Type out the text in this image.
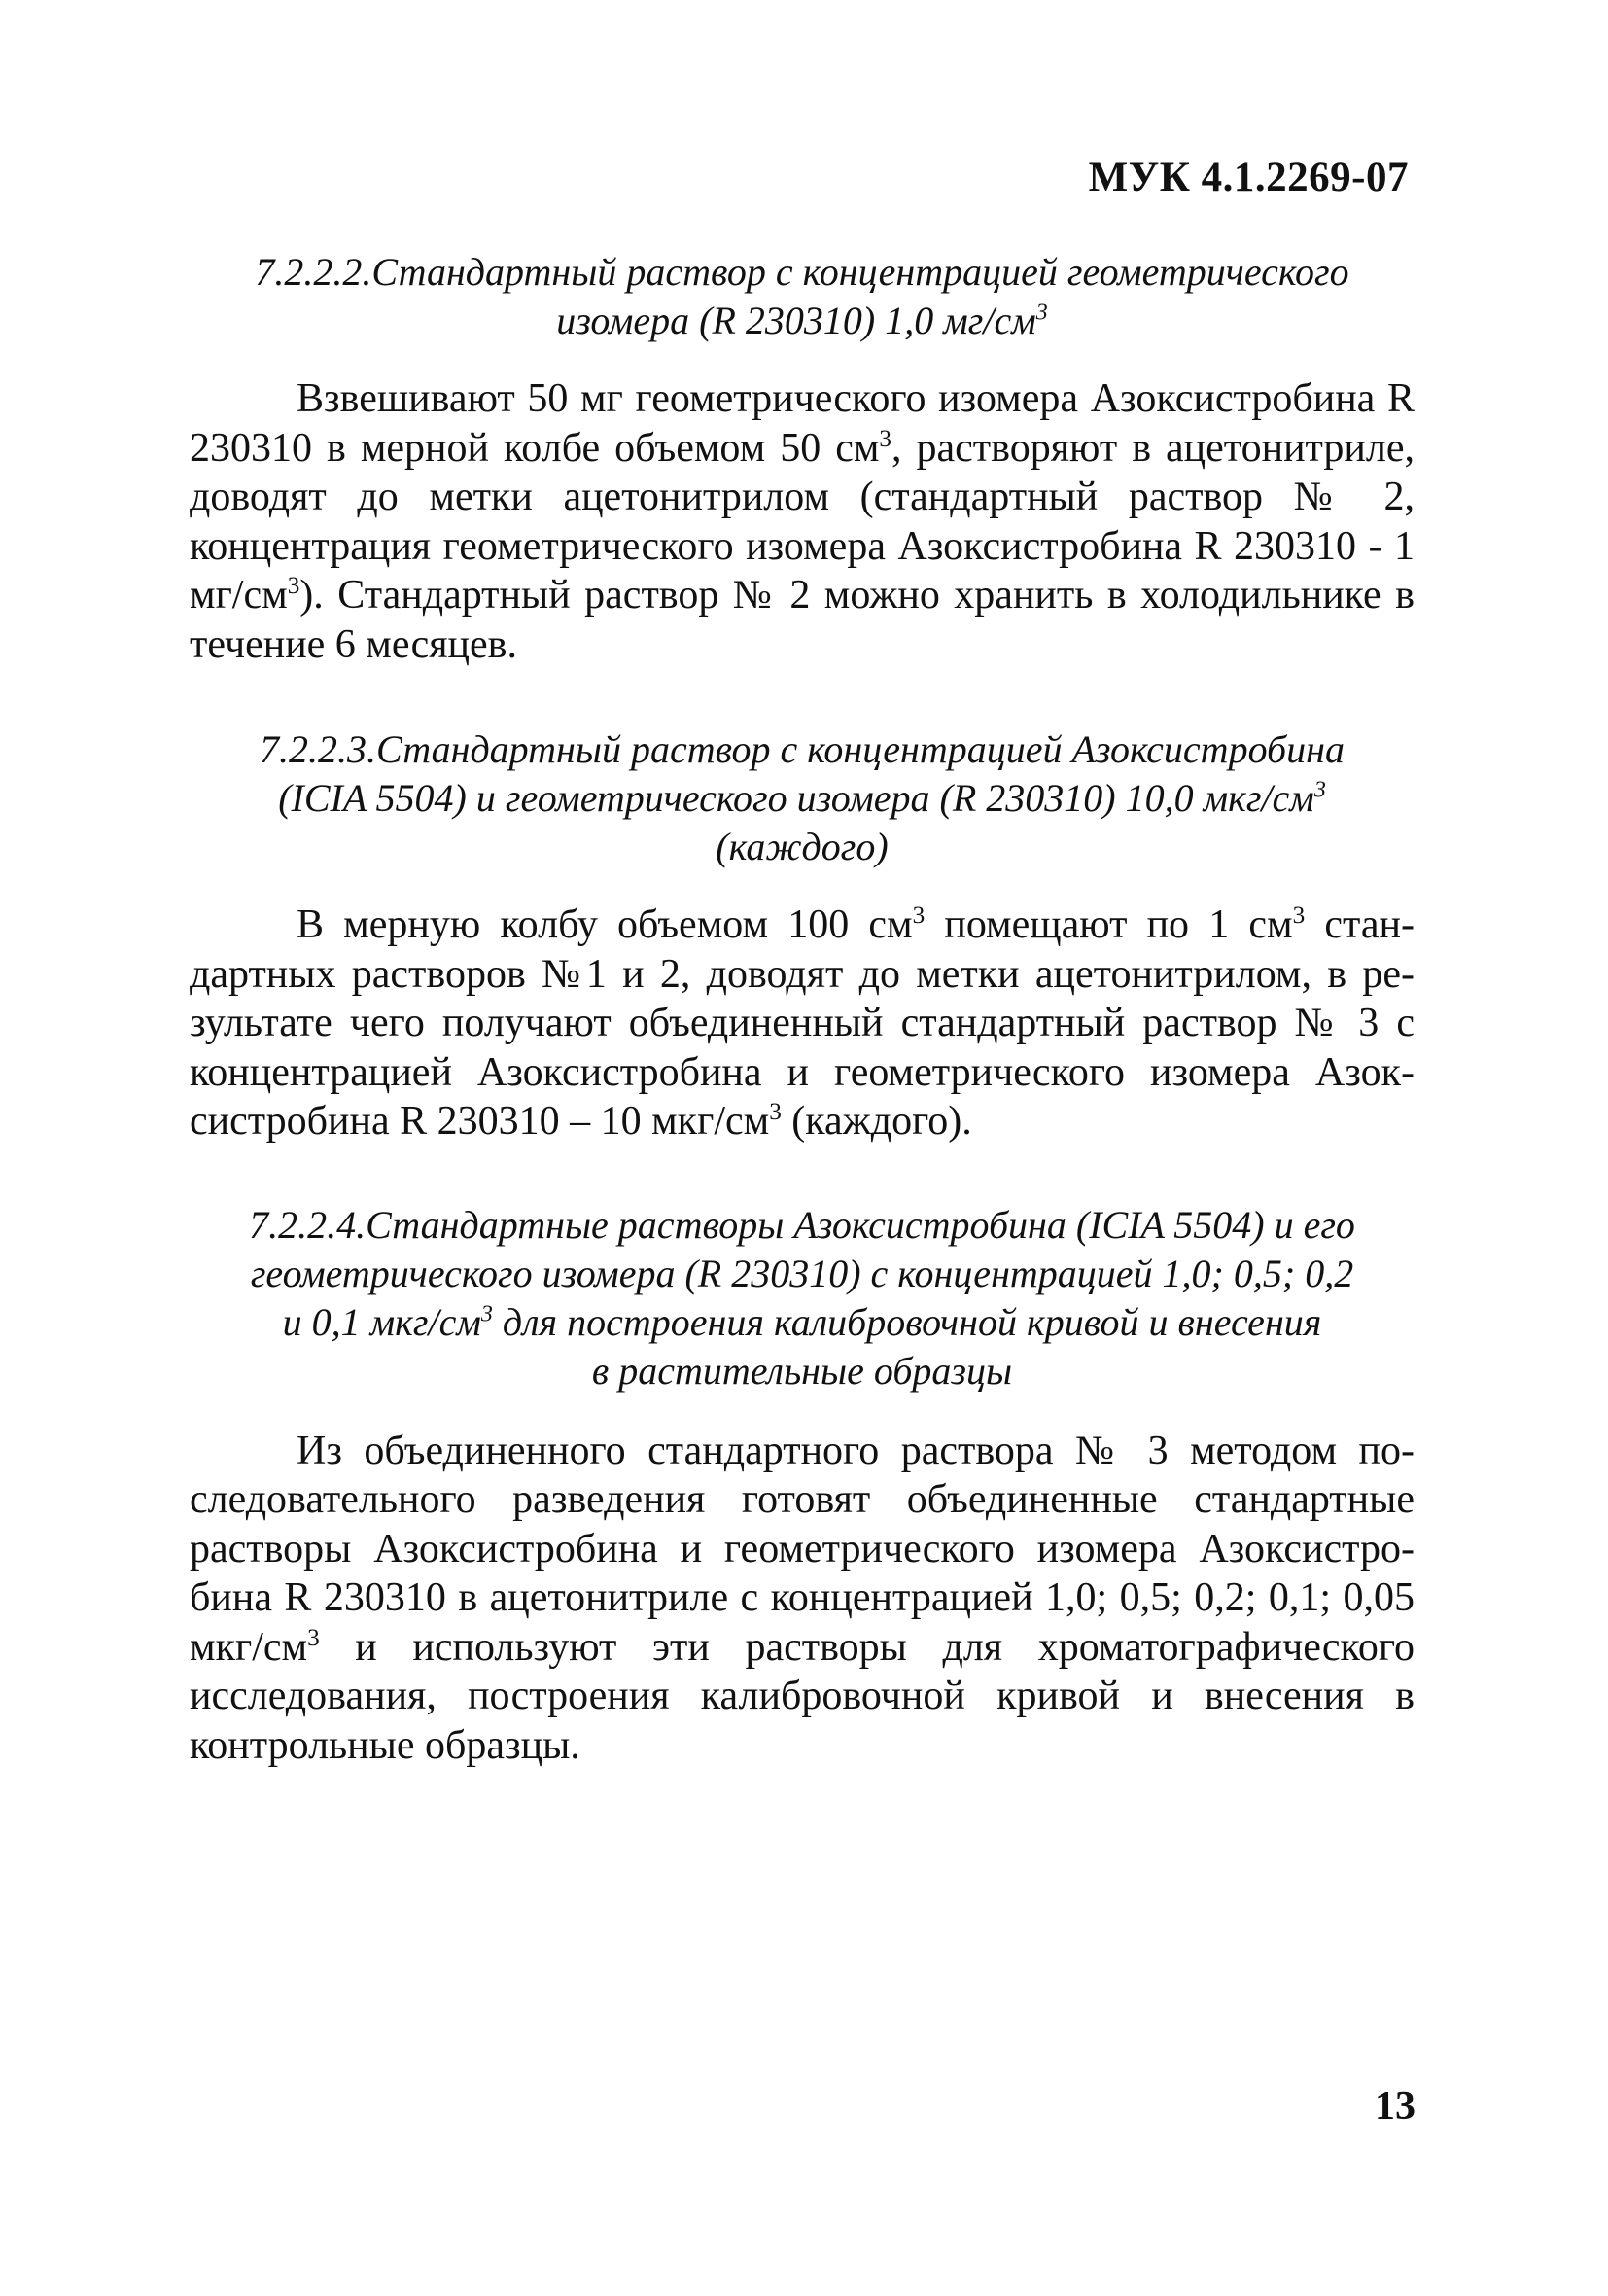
МУК 4.1.2269-07
7.2.2.2.Стандартный раствор с концентрацией геометрического
изомера (R 230310) 1,0 $мг/см^3$

Взвешивают 50 мг геометрического изомера Азоксистробина R 230310 в мерной колбе объемом 50 $см^3$, растворяют в ацетонитриле, доводят до метки ацетонитрилом (стандартный раствор № 2, концентрация геометрического изомера Азоксистробина R 230310 - 1 $мг/см^3$). Стандартный раствор № 2 можно хранить в холодильнике в течение 6 месяцев.

7.2.2.3.Стандартный раствор с концентрацией Азоксистробина
(ICIA 5504) и геометрического изомера (R 230310) 10,0 мкг/$см^3$
(каждого)

В мерную колбу объемом 100 $см^3$ помещают по 1 $см^3$ стандартных растворов №1 и 2, доводят до метки ацетонитрилом, в результате чего получают объединенный стандартный раствор № 3 с концентрацией Азоксистробина и геометрического изомера Азоксистробина R 230310 – 10 мкг/$см^3$ (каждого).

7.2.2.4.Стандартные растворы Азоксистробина (ICIA 5504) и его
геометрического изомера (R 230310) с концентрацией 1,0; 0,5; 0,2
и 0,1 мкг/$см^3$ для построения калибровочной кривой и внесения
в растительные образцы

Из объединенного стандартного раствора № 3 методом последовательного разведения готовят объединенные стандартные растворы Азоксистробина и геометрического изомера Азоксистробина R 230310 в ацетонитриле с концентрацией 1,0; 0,5; 0,2; 0,1; 0,05 мкг/$см^3$ и используют эти растворы для хроматографического исследования, построения калибровочной кривой и внесения в контрольные образцы.

13
